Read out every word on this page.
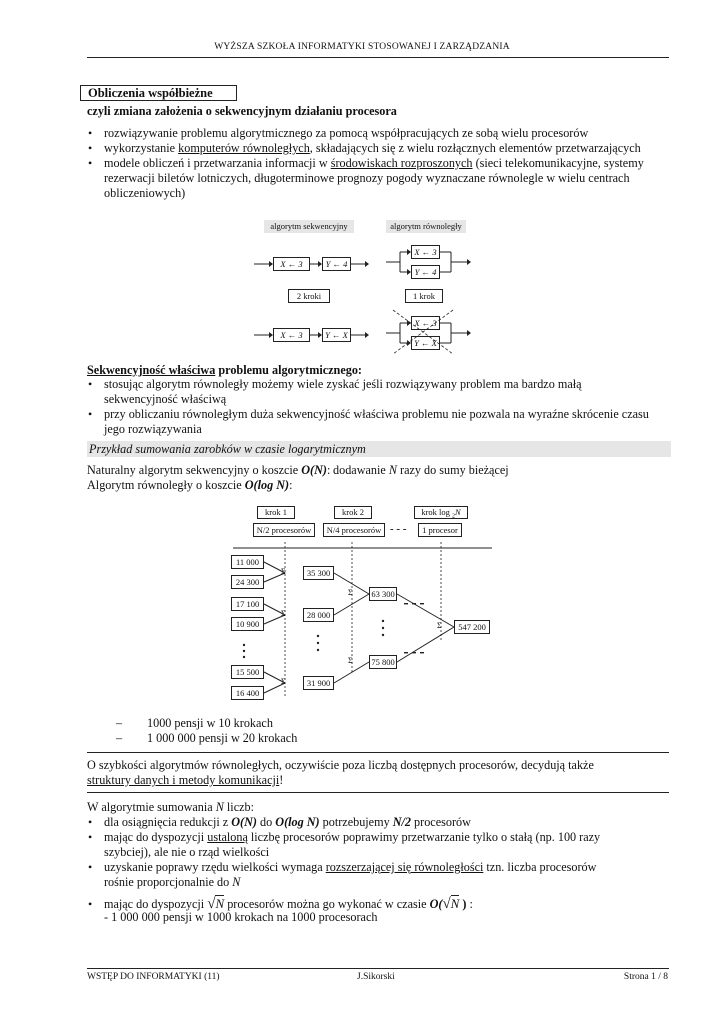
WYŻSZA SZKOŁA INFORMATYKI STOSOWANEJ I ZARZĄDZANIA
Obliczenia współbieżne
czyli zmiana założenia o sekwencyjnym działaniu procesora
• rozwiązywanie problemu algorytmicznego za pomocą współpracujących ze sobą wielu procesorów
• wykorzystanie komputerów równoległych, składających się z wielu rozłącznych elementów przetwarzających
• modele obliczeń i przetwarzania informacji w środowiskach rozproszonych (sieci telekomunikacyjne, systemy rezerwacji biletów lotniczych, długoterminowe prognozy pogody wyznaczane równolegle w wielu centrach obliczeniowych)
algorytm sekwencyjny	algorytm równoległy
X ← 3	Y ← 4
X ← 3
Y ← 4
2 kroki	1 krok
X ← 3	Y ← X
X ← 3
Y ← X
Sekwencyjność właściwa problemu algorytmicznego:
• stosując algorytm równoległy możemy wiele zyskać jeśli rozwiązywany problem ma bardzo małą sekwencyjność właściwą
• przy obliczaniu równoległym duża sekwencyjność właściwa problemu nie pozwala na wyraźne skrócenie czasu jego rozwiązywania
Przykład sumowania zarobków w czasie logarytmicznym
Naturalny algorytm sekwencyjny o koszcie O(N): dodawanie N razy do sumy bieżącej
Algorytm równoległy o koszcie O(log N):
krok 1	krok 2	krok log $_2$N
N/2 procesorów	N/4 procesorów - - -	1 procesor
11 000
24 300
17 100
10 900
15 500
16 400
Σ
Σ
Σ
Σ
Σ
Σ
35 300
28 000
31 900
63 300
75 800
547 200
– 1000 pensji w 10 krokach
– 1 000 000 pensji w 20 krokach
O szybkości algorytmów równoległych, oczywiście poza liczbą dostępnych procesorów, decydują także
struktury danych i metody komunikacji!
W algorytmie sumowania N liczb:
• dla osiągnięcia redukcji z O(N) do O(log N) potrzebujemy N/2 procesorów
• mając do dyspozycji ustaloną liczbę procesorów poprawimy przetwarzanie tylko o stałą (np. 100 razy szybciej), ale nie o rząd wielkości
• uzyskanie poprawy rzędu wielkości wymaga rozszerzającej się równoległości tzn. liczba procesorów rośnie proporcjonalnie do N
• mając do dyspozycji √N procesorów można go wykonać w czasie O(√N ) :
- 1 000 000 pensji w 1000 krokach na 1000 procesorach
WSTĘP DO INFORMATYKI (11)	J.Sikorski	Strona 1 / 8
